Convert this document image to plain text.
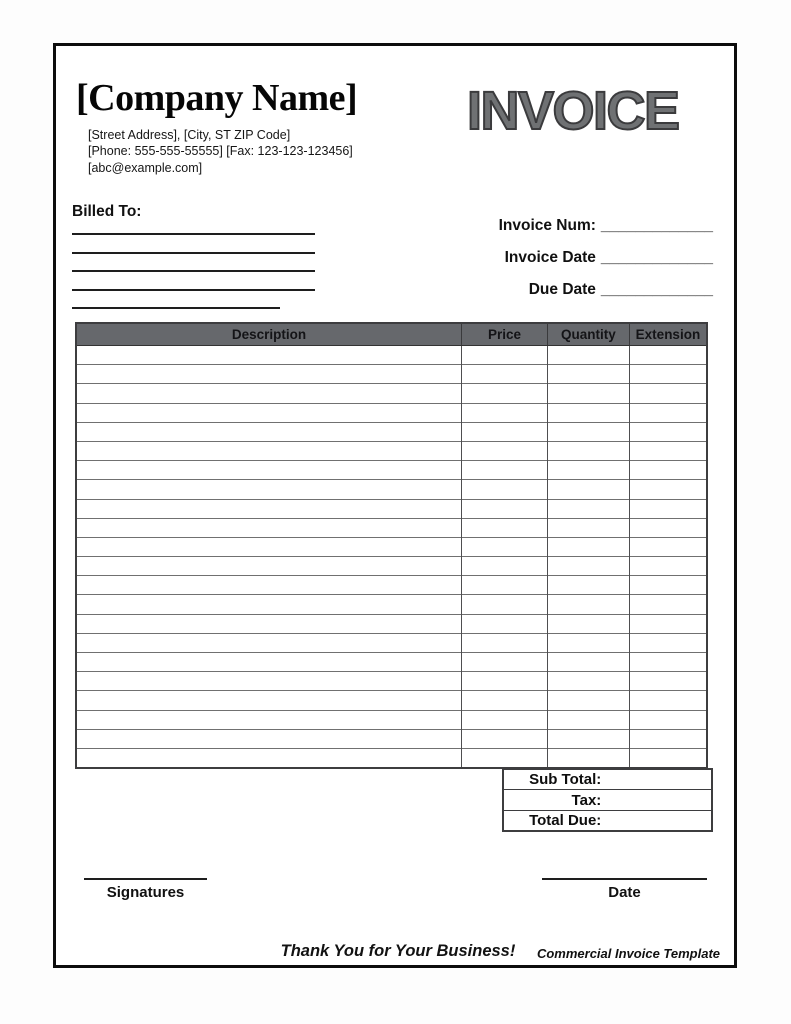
[Company Name]
[Street Address], [City, ST ZIP Code]
[Phone: 555-555-55555] [Fax: 123-123-123456]
[abc@example.com]
INVOICE
Billed To:
Invoice Num: _____________
Invoice Date _____________
Due Date _____________
Description	Price	Quantity	Extension

Sub Total:
Tax:
Total Due:
Signatures	Date
Thank You for Your Business!	Commercial Invoice Template
